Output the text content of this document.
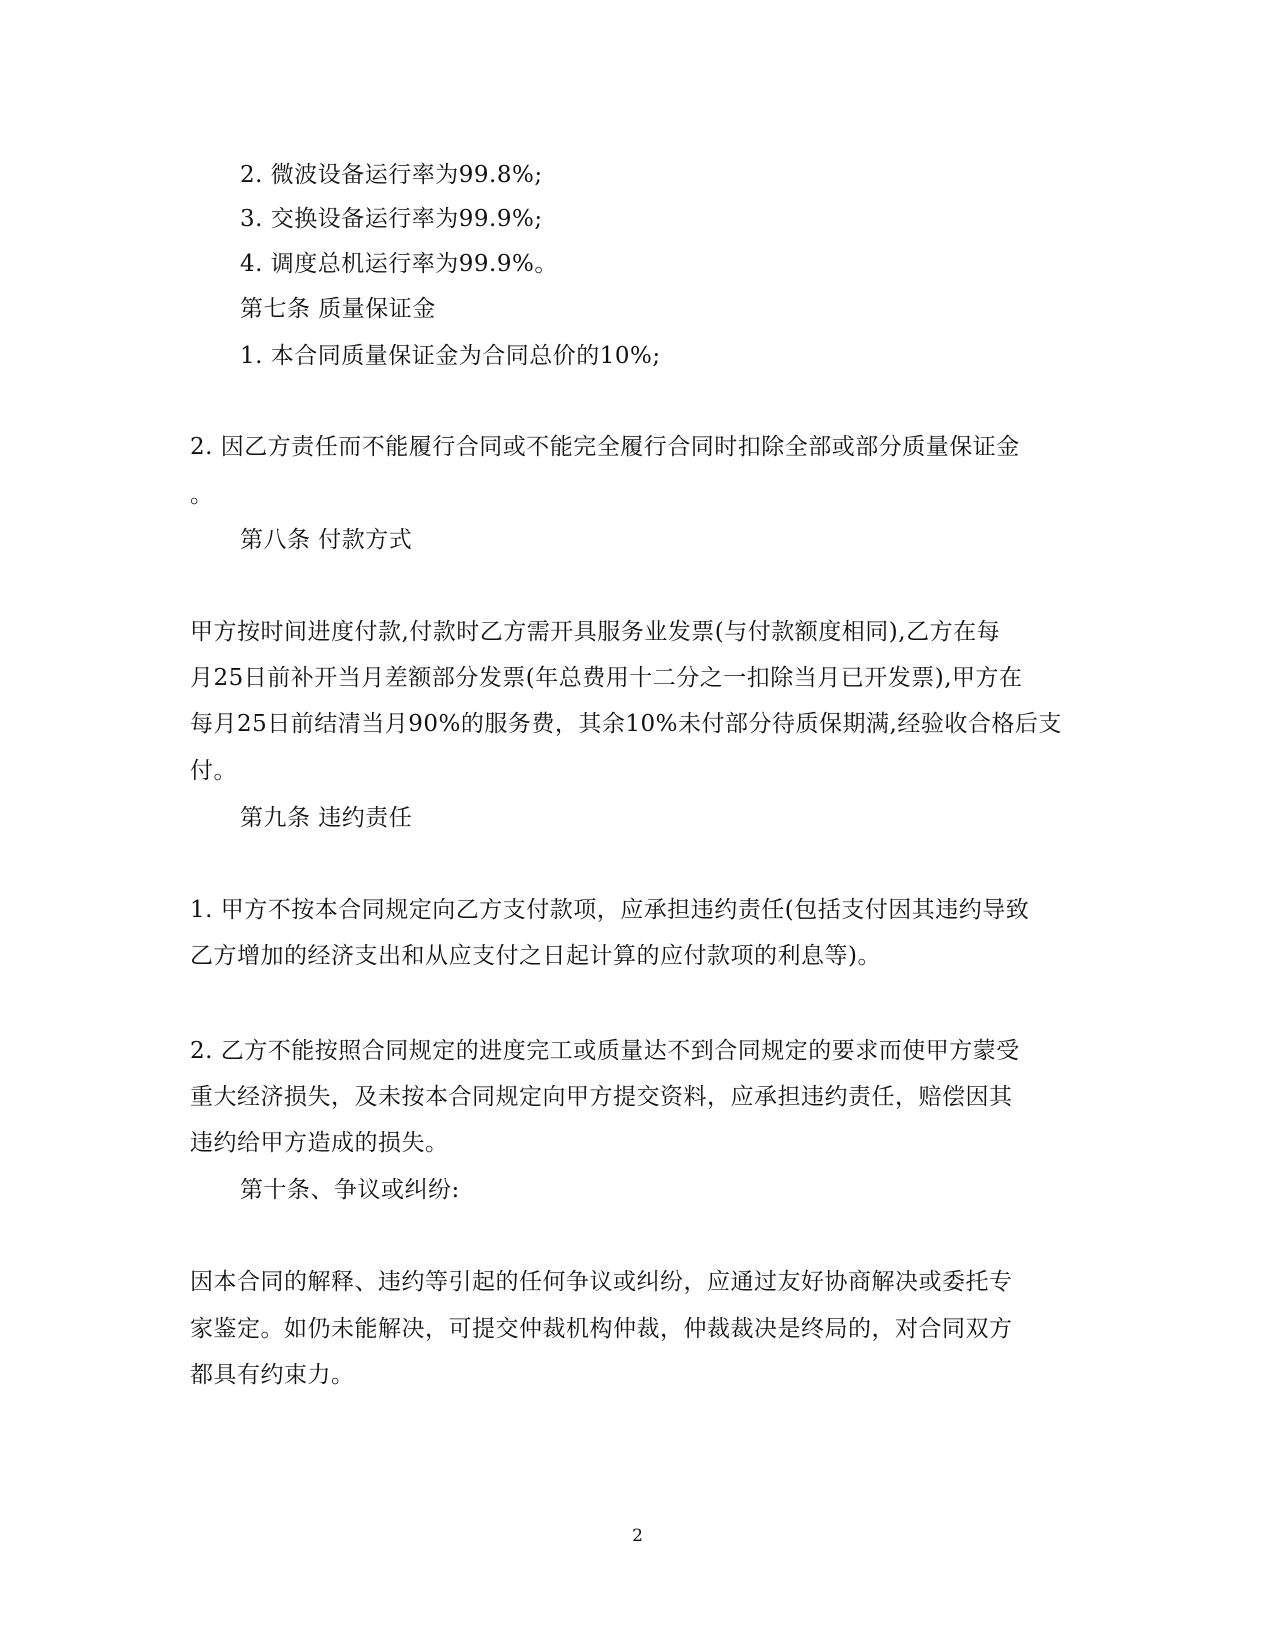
2. 微波设备运行率为99.8%;
3. 交换设备运行率为99.9%;
4. 调度总机运行率为99.9%。
第七条 质量保证金
1. 本合同质量保证金为合同总价的10%;
2. 因乙方责任而不能履行合同或不能完全履行合同时扣除全部或部分质量保证金
。
第八条 付款方式
甲方按时间进度付款,付款时乙方需开具服务业发票(与付款额度相同),乙方在每
月25日前补开当月差额部分发票(年总费用十二分之一扣除当月已开发票),甲方在
每月25日前结清当月90%的服务费，其余10%未付部分待质保期满,经验收合格后支
付。
第九条 违约责任
1. 甲方不按本合同规定向乙方支付款项，应承担违约责任(包括支付因其违约导致
乙方增加的经济支出和从应支付之日起计算的应付款项的利息等)。
2. 乙方不能按照合同规定的进度完工或质量达不到合同规定的要求而使甲方蒙受
重大经济损失，及未按本合同规定向甲方提交资料，应承担违约责任，赔偿因其
违约给甲方造成的损失。
第十条、争议或纠纷:
因本合同的解释、违约等引起的任何争议或纠纷，应通过友好协商解决或委托专
家鉴定。如仍未能解决，可提交仲裁机构仲裁，仲裁裁决是终局的，对合同双方
都具有约束力。
2
